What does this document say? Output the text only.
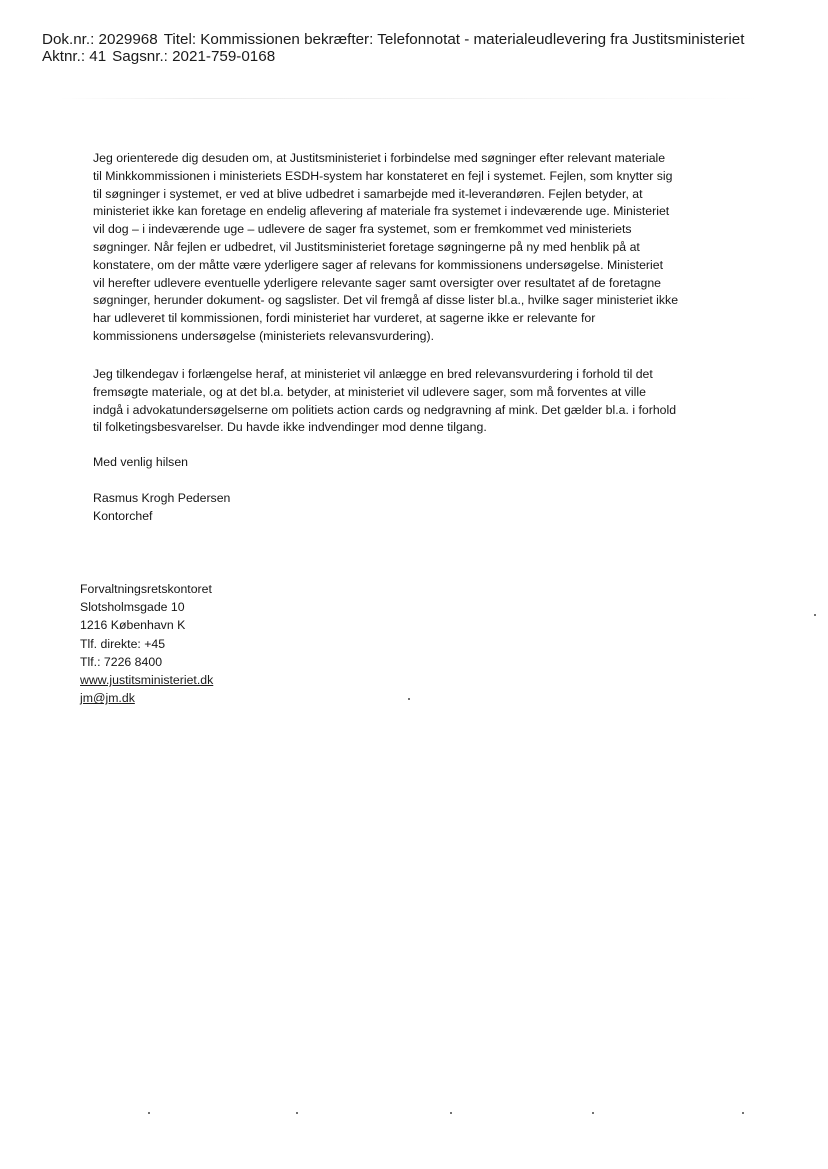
Dok.nr.: 2029968 Titel: Kommissionen bekræfter: Telefonnotat - materialeudlevering fra Justitsministeriet
Aktnr.: 41 Sagsnr.: 2021-759-0168

Jeg orienterede dig desuden om, at Justitsministeriet i forbindelse med søgninger efter relevant materiale

til Minkkommissionen i ministeriets ESDH-system har konstateret en fejl i systemet. Fejlen, som knytter sig

til søgninger i systemet, er ved at blive udbedret i samarbejde med it-leverandøren. Fejlen betyder, at

ministeriet ikke kan foretage en endelig aflevering af materiale fra systemet i indeværende uge. Ministeriet

vil dog – i indeværende uge – udlevere de sager fra systemet, som er fremkommet ved ministeriets

søgninger. Når fejlen er udbedret, vil Justitsministeriet foretage søgningerne på ny med henblik på at

konstatere, om der måtte være yderligere sager af relevans for kommissionens undersøgelse. Ministeriet

vil herefter udlevere eventuelle yderligere relevante sager samt oversigter over resultatet af de foretagne

søgninger, herunder dokument- og sagslister. Det vil fremgå af disse lister bl.a., hvilke sager ministeriet ikke

har udleveret til kommissionen, fordi ministeriet har vurderet, at sagerne ikke er relevante for

kommissionens undersøgelse (ministeriets relevansvurdering).

Jeg tilkendegav i forlængelse heraf, at ministeriet vil anlægge en bred relevansvurdering i forhold til det

fremsøgte materiale, og at det bl.a. betyder, at ministeriet vil udlevere sager, som må forventes at ville

indgå i advokatundersøgelserne om politiets action cards og nedgravning af mink. Det gælder bl.a. i forhold

til folketingsbesvarelser. Du havde ikke indvendinger mod denne tilgang.

Med venlig hilsen

Rasmus Krogh Pedersen

Kontorchef

Forvaltningsretskontoret
Slotsholmsgade 10
1216 København K
Tlf. direkte: +45
Tlf.: 7226 8400
www.justitsministeriet.dk
jm@jm.dk
